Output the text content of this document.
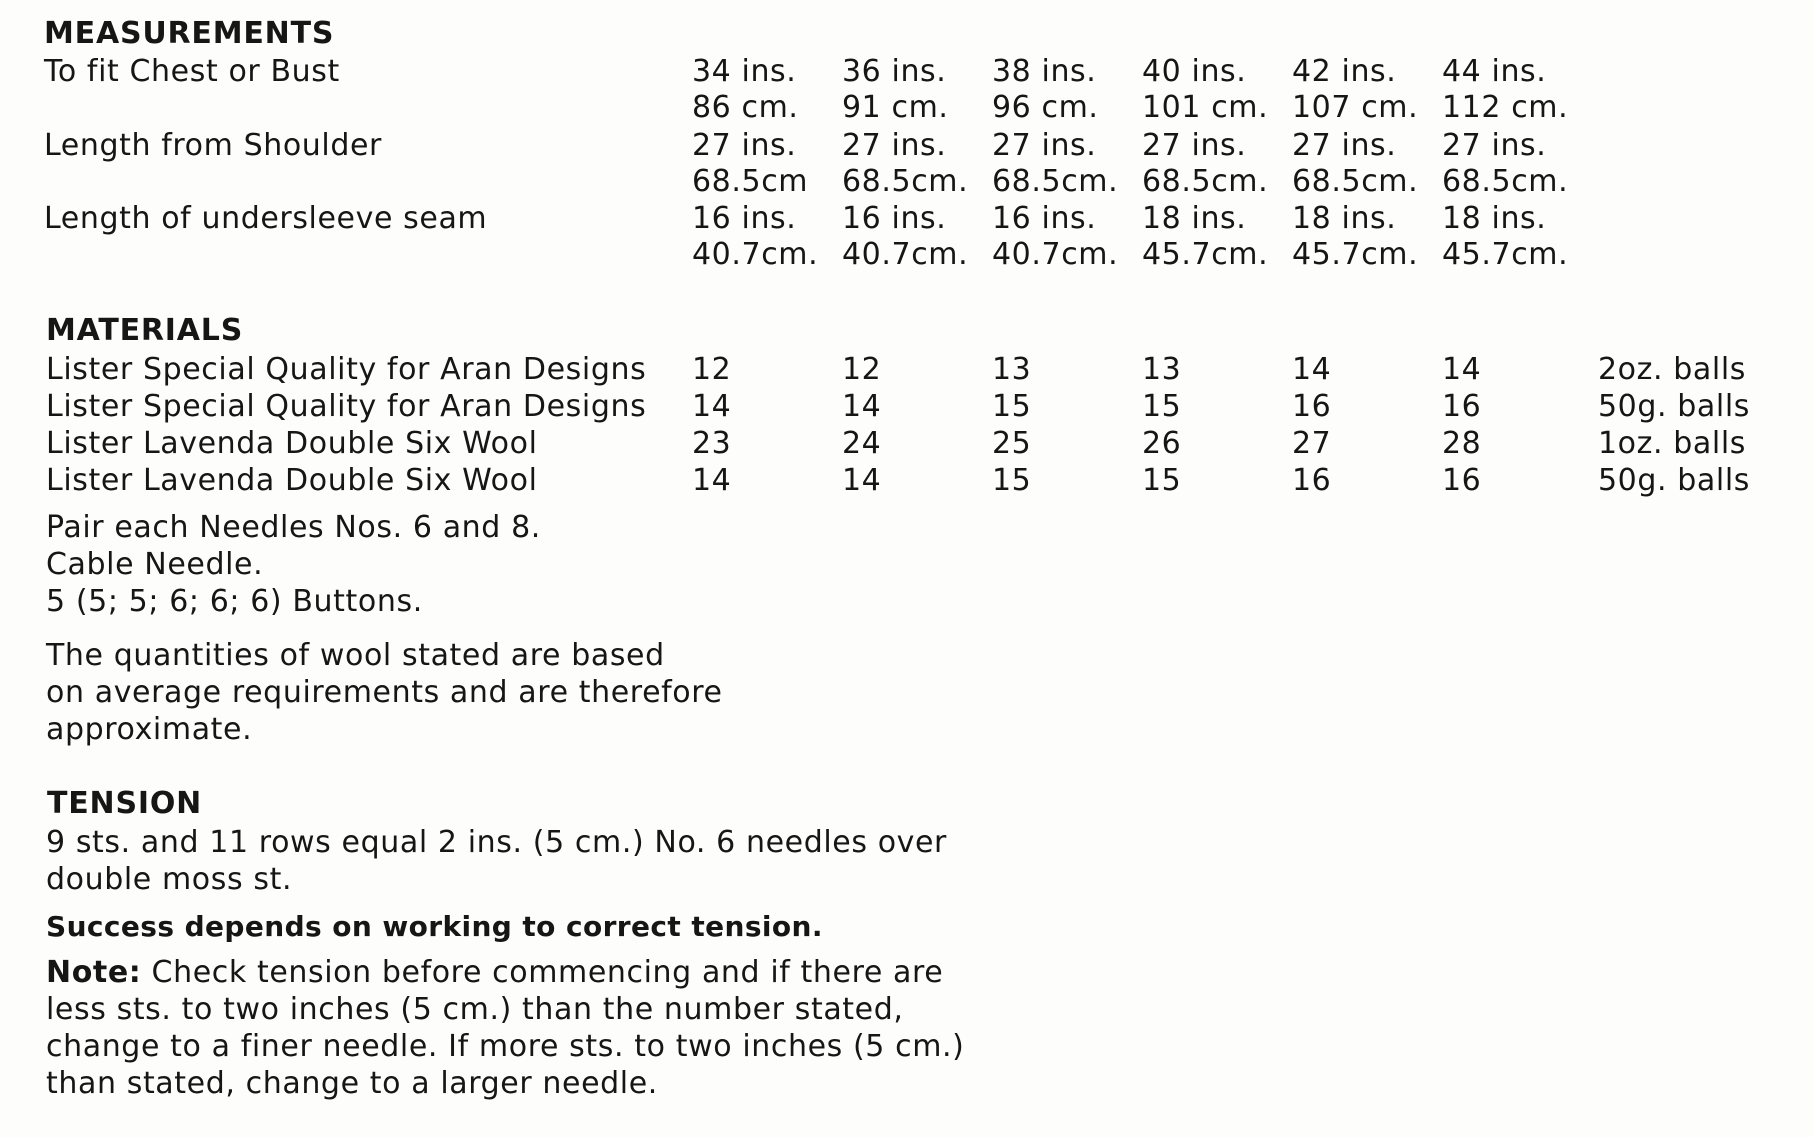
MEASUREMENTS
To fit Chest or Bust	34 ins. 36 ins. 38 ins. 40 ins. 42 ins. 44 ins.
86 cm. 91 cm. 96 cm. 101 cm. 107 cm. 112 cm.
Length from Shoulder	27 ins. 27 ins. 27 ins. 27 ins. 27 ins. 27 ins.
68.5cm 68.5cm. 68.5cm. 68.5cm. 68.5cm. 68.5cm.
Length of undersleeve seam	16 ins. 16 ins. 16 ins. 18 ins. 18 ins. 18 ins.
40.7cm. 40.7cm. 40.7cm. 45.7cm. 45.7cm. 45.7cm.
MATERIALS
Lister Special Quality for Aran Designs 12	12	13	13	14	14	2oz. balls
Lister Special Quality for Aran Designs 14	14	15	15	16	16	50g. balls
Lister Lavenda Double Six Wool	23	24	25	26	27	28	1oz. balls
Lister Lavenda Double Six Wool	14	14	15	15	16	16	50g. balls
Pair each Needles Nos. 6 and 8.
Cable Needle.
5 (5; 5; 6; 6; 6) Buttons.
The quantities of wool stated are based
on average requirements and are therefore
approximate.
TENSION
9 sts. and 11 rows equal 2 ins. (5 cm.) No. 6 needles over
double moss st.
Success depends on working to correct tension.
Note: Check tension before commencing and if there are
less sts. to two inches (5 cm.) than the number stated,
change to a finer needle. If more sts. to two inches (5 cm.)
than stated, change to a larger needle.
